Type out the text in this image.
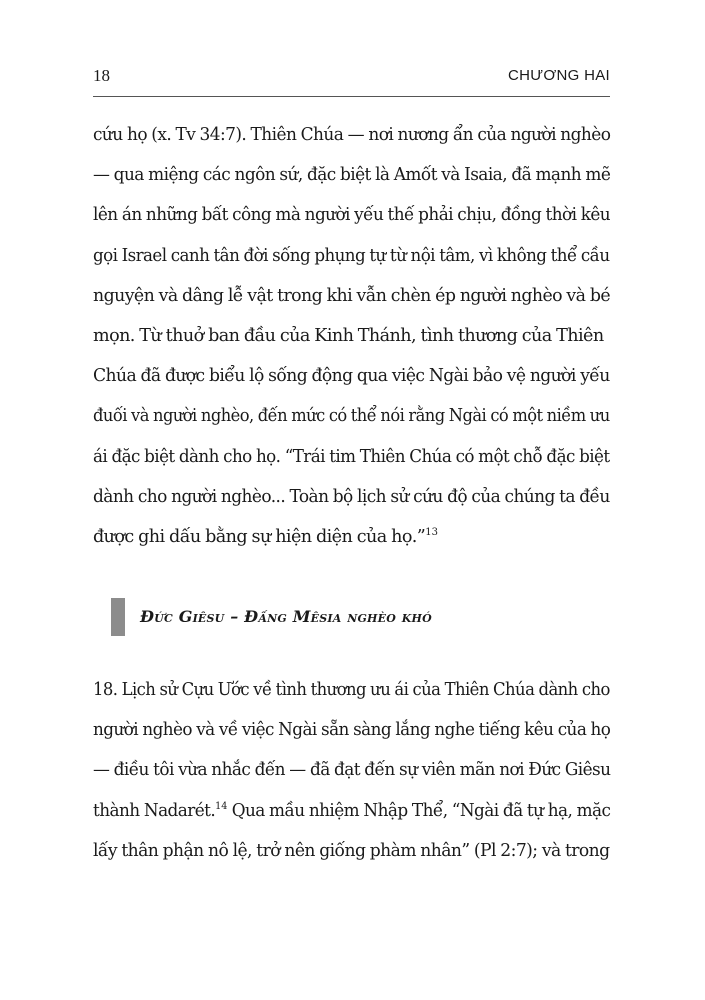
18	CHƯƠNG HAI
cứu họ (x. Tv 34:7). Thiên Chúa — nơi nương ẩn của người nghèo
— qua miệng các ngôn sứ, đặc biệt là Amốt và Isaia, đã mạnh mẽ
lên án những bất công mà người yếu thế phải chịu, đồng thời kêu
gọi Israel canh tân đời sống phụng tự từ nội tâm, vì không thể cầu
nguyện và dâng lễ vật trong khi vẫn chèn ép người nghèo và bé
mọn. Từ thuở ban đầu của Kinh Thánh, tình thương của Thiên
Chúa đã được biểu lộ sống động qua việc Ngài bảo vệ người yếu
đuối và người nghèo, đến mức có thể nói rằng Ngài có một niềm ưu
ái đặc biệt dành cho họ. “Trái tim Thiên Chúa có một chỗ đặc biệt
dành cho người nghèo... Toàn bộ lịch sử cứu độ của chúng ta đều
được ghi dấu bằng sự hiện diện của họ.”$^{13}$
Đức Giêsu – Đấng Mêsia nghèo khó
18. Lịch sử Cựu Ước về tình thương ưu ái của Thiên Chúa dành cho
người nghèo và về việc Ngài sẵn sàng lắng nghe tiếng kêu của họ
— điều tôi vừa nhắc đến — đã đạt đến sự viên mãn nơi Đức Giêsu
thành Nadarét.$^{14}$ Qua mầu nhiệm Nhập Thể, “Ngài đã tự hạ, mặc
lấy thân phận nô lệ, trở nên giống phàm nhân” (Pl 2:7); và trong
